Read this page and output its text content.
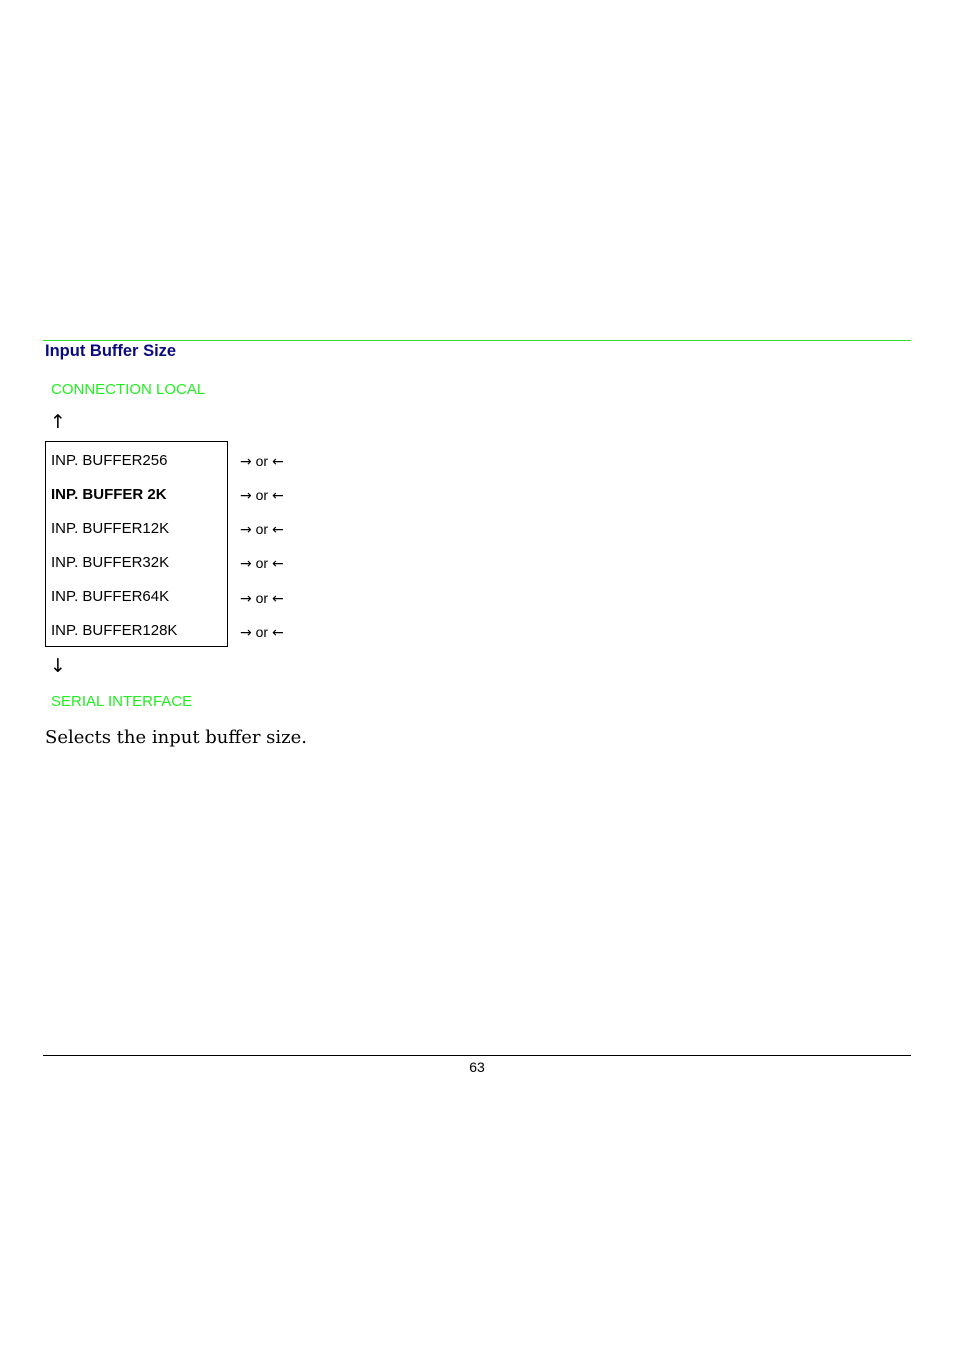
Input Buffer Size
CONNECTION LOCAL
↑
INP. BUFFER256
INP. BUFFER 2K
INP. BUFFER12K
INP. BUFFER32K
INP. BUFFER64K
INP. BUFFER128K
→ or ←
→ or ←
→ or ←
→ or ←
→ or ←
→ or ←
↓
SERIAL INTERFACE
Selects the input buffer size.
63
